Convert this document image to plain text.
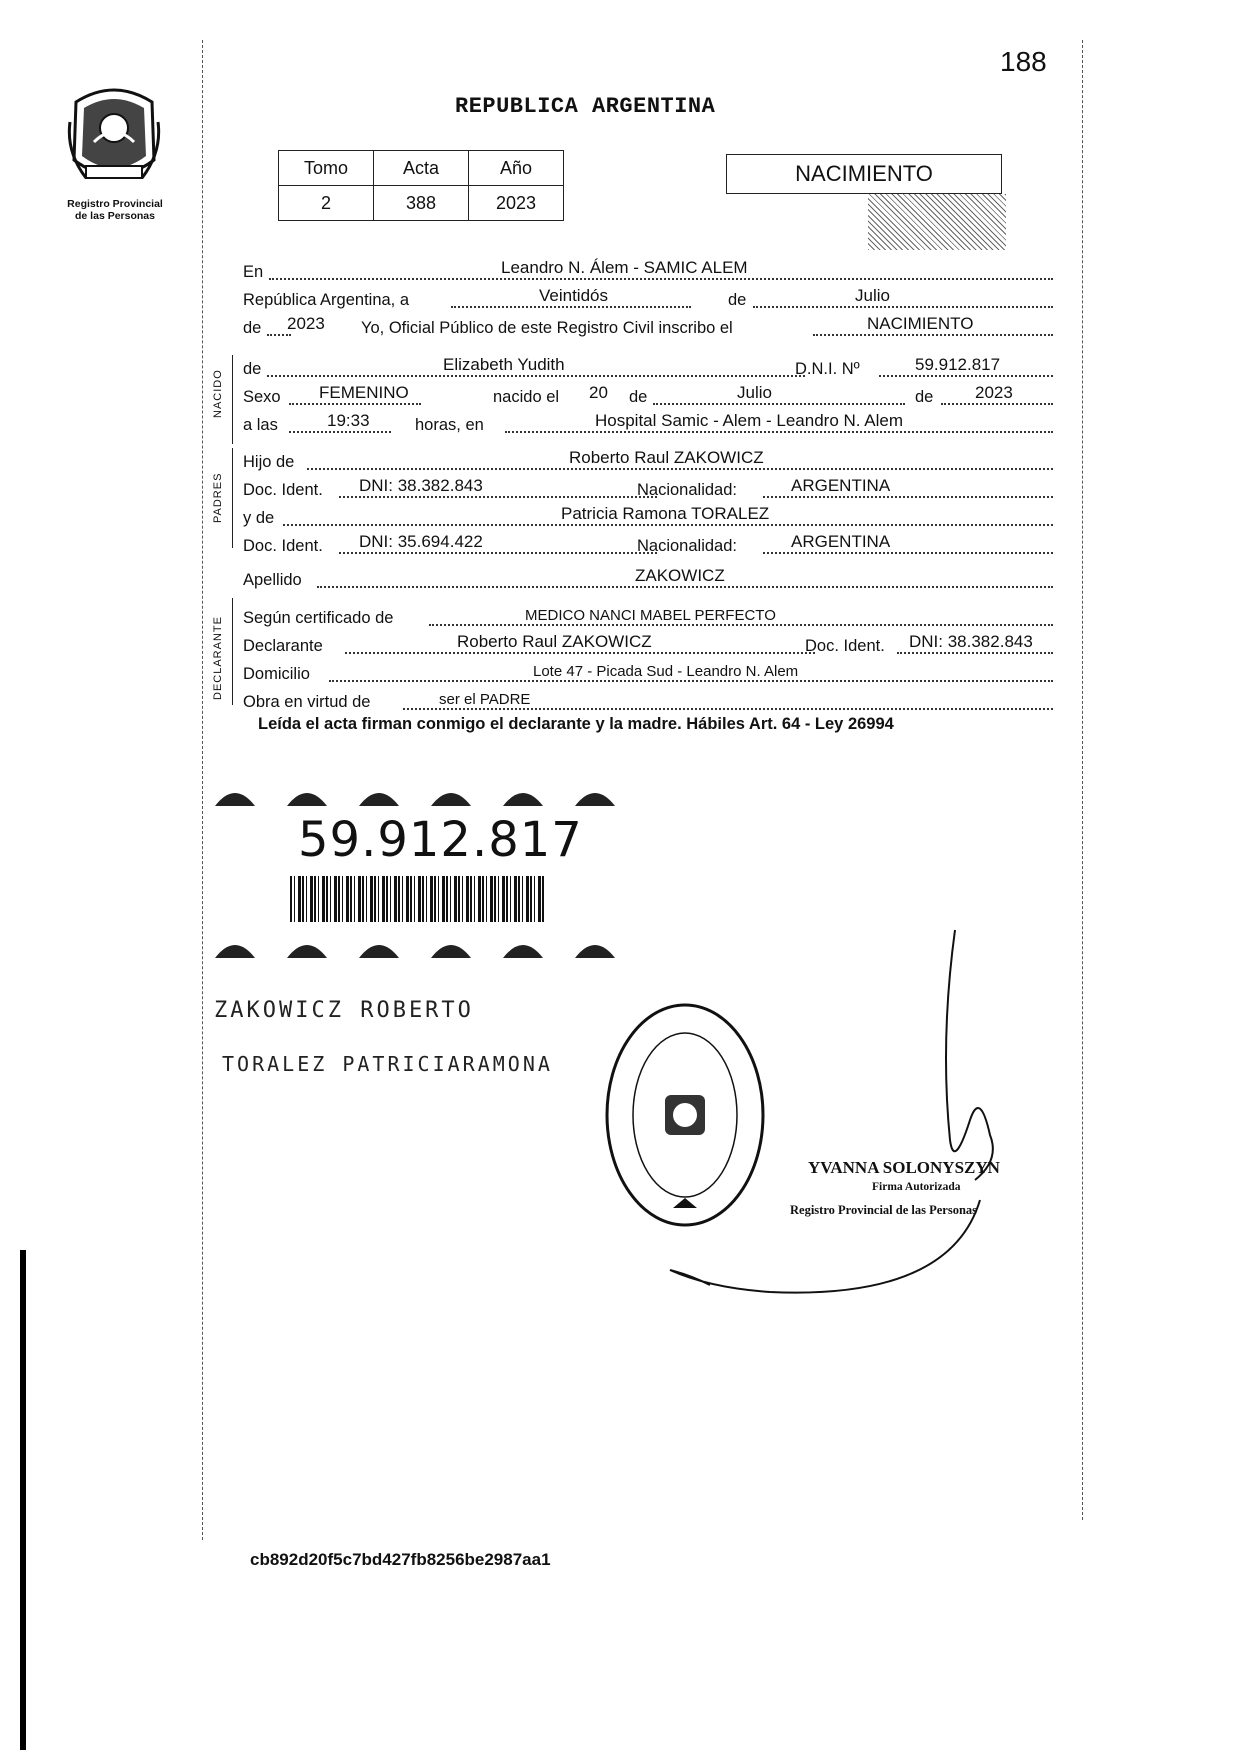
188
Registro Provincial
de las Personas
REPUBLICA ARGENTINA
Tomo	Acta	Año
2	388	2023
NACIMIENTO
NACIDO
PADRES
DECLARANTE
En	Leandro N. Álem - SAMIC ALEM
República Argentina, a	Veintidós	de	Julio
de 2023 Yo, Oficial Público de este Registro Civil inscribo el	NACIMIENTO
de	Elizabeth Yudith	D.N.I. Nº	59.912.817
Sexo FEMENINO	nacido el 20 de	Julio	de 2023
a las	19:33	horas, en	Hospital Samic - Alem - Leandro N. Alem
Hijo de	Roberto Raul ZAKOWICZ
Doc. Ident. DNI: 38.382.843	Nacionalidad:	ARGENTINA
y de	Patricia Ramona TORALEZ
Doc. Ident. DNI: 35.694.422	Nacionalidad:	ARGENTINA
Apellido	ZAKOWICZ
Según certificado de	MEDICO NANCI MABEL PERFECTO
Declarante	Roberto Raul ZAKOWICZ	Doc. Ident. DNI: 38.382.843
Domicilio	Lote 47 - Picada Sud - Leandro N. Alem
Obra en virtud de	ser el PADRE
Leída el acta firman conmigo el declarante y la madre. Hábiles Art. 64 - Ley 26994
59.912.817
ZAKOWICZ ROBERTO
TORALEZ PATRICIARAMONA
YVANNA SOLONYSZYN
Firma Autorizada
Registro Provincial de las Personas
cb892d20f5c7bd427fb8256be2987aa1
